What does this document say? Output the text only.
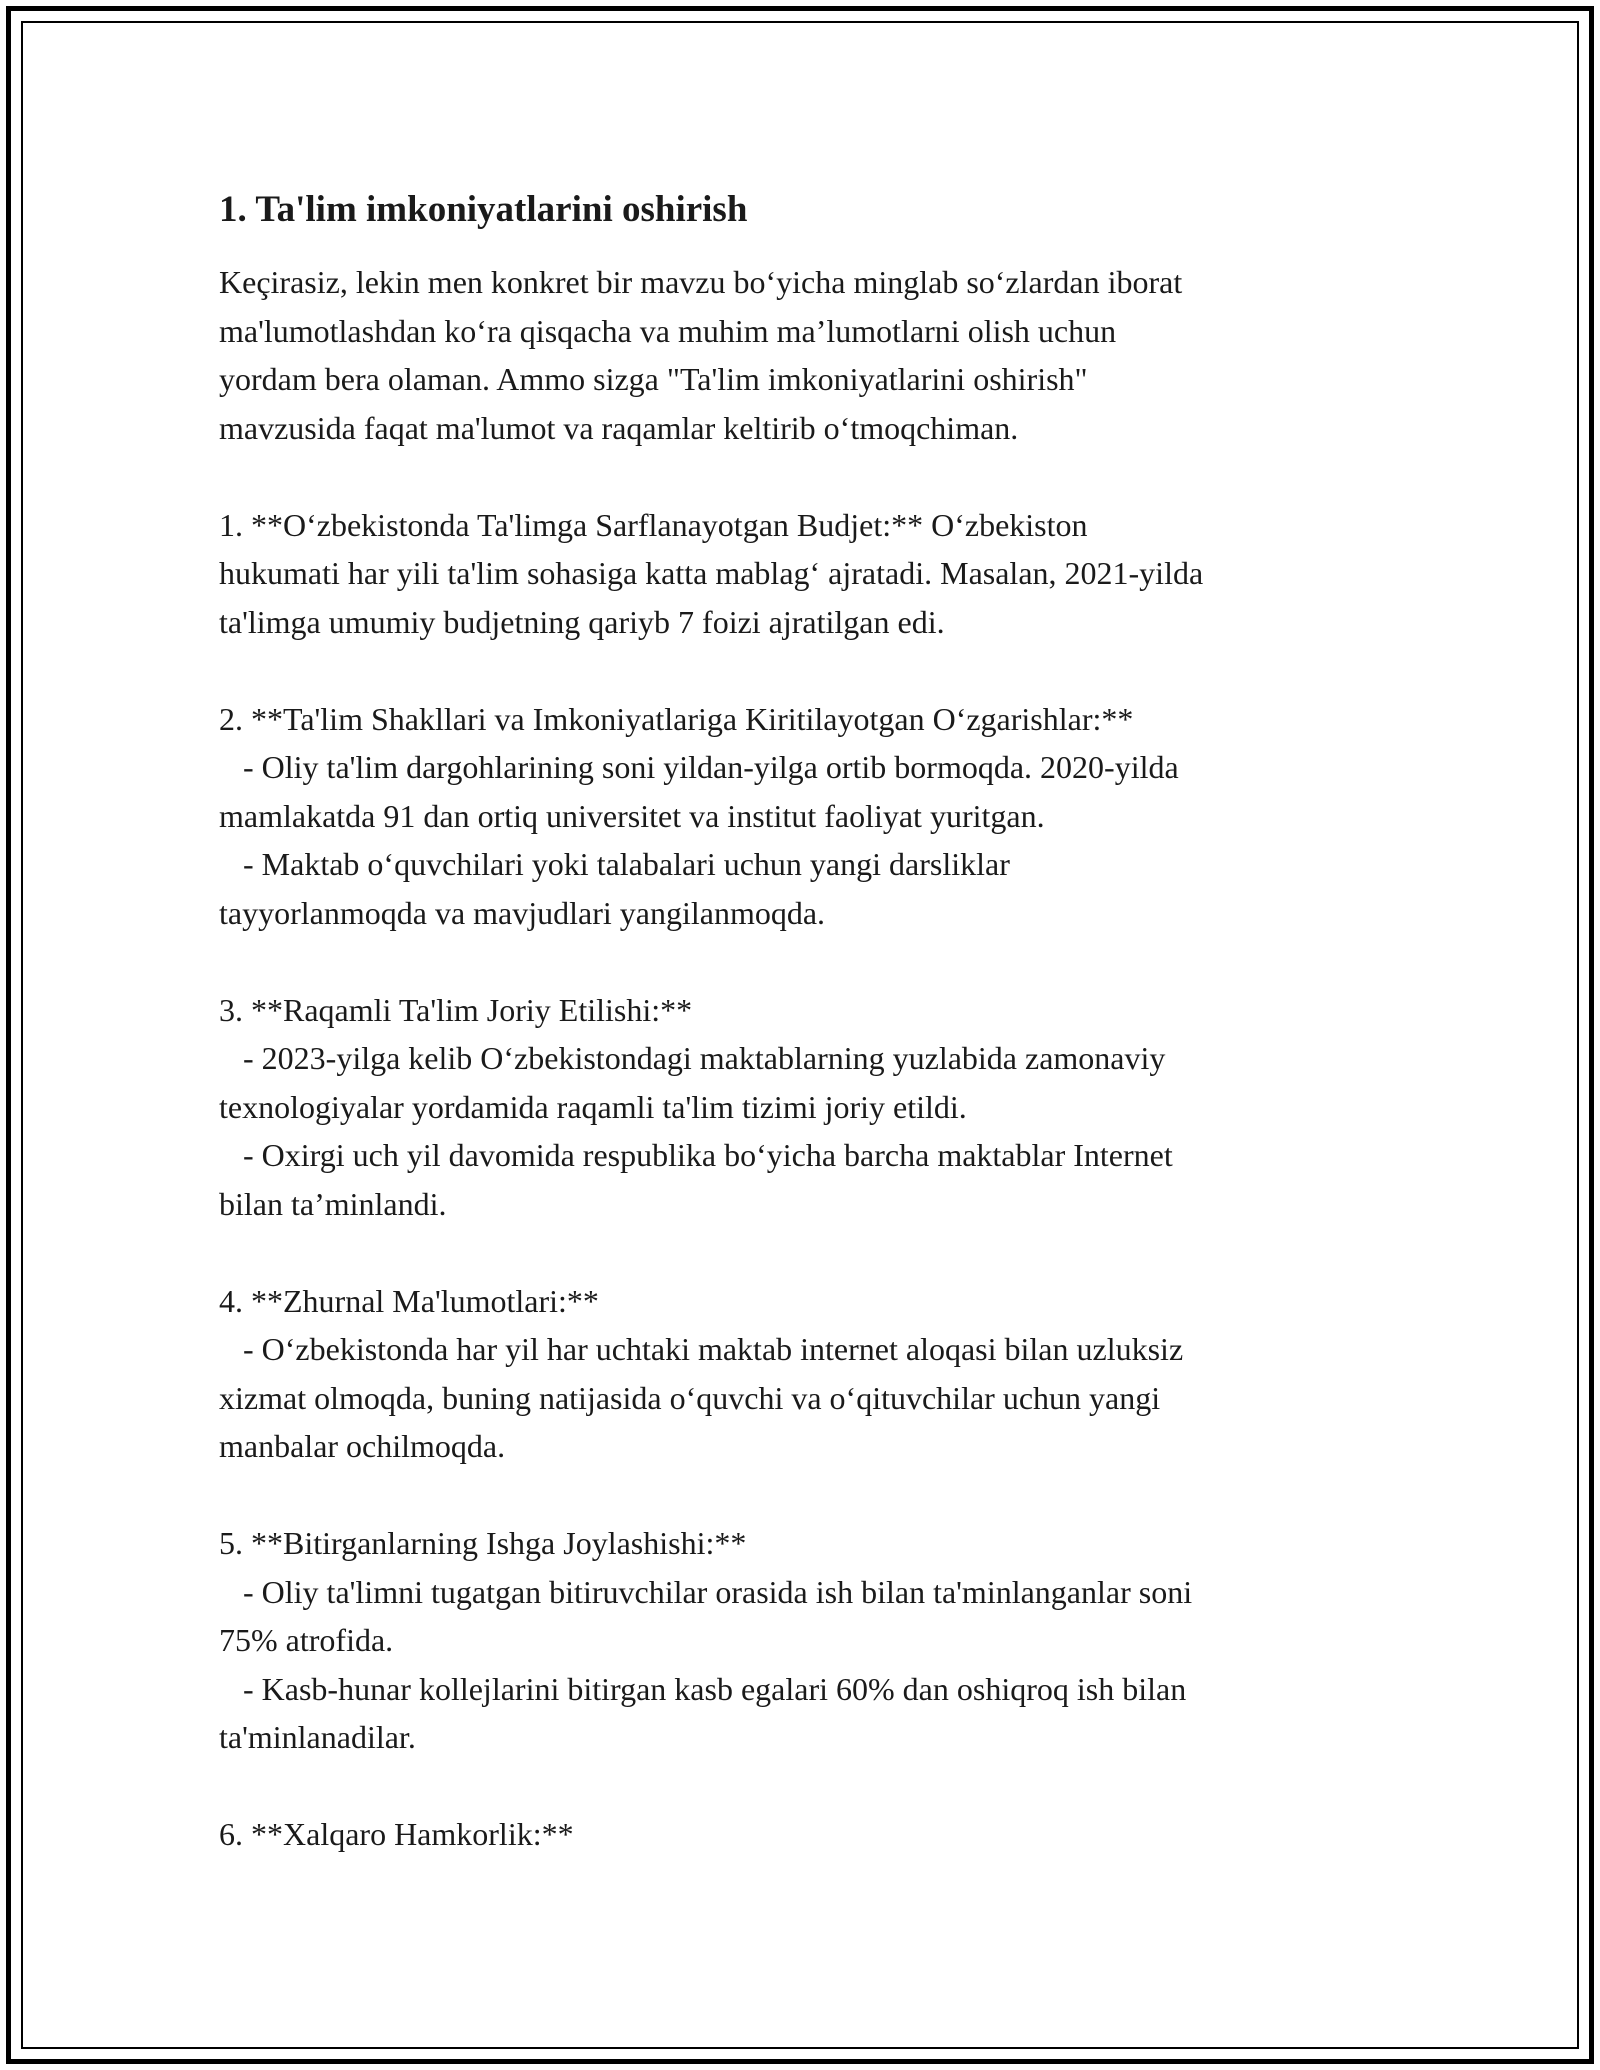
1. Ta'lim imkoniyatlarini oshirish
Keçirasiz, lekin men konkret bir mavzu bo‘yicha minglab so‘zlardan iborat
ma'lumotlashdan ko‘ra qisqacha va muhim ma’lumotlarni olish uchun
yordam bera olaman. Ammo sizga "Ta'lim imkoniyatlarini oshirish"
mavzusida faqat ma'lumot va raqamlar keltirib o‘tmoqchiman.
1. **O‘zbekistonda Ta'limga Sarflanayotgan Budjet:** O‘zbekiston
hukumati har yili ta'lim sohasiga katta mablag‘ ajratadi. Masalan, 2021-yilda
ta'limga umumiy budjetning qariyb 7 foizi ajratilgan edi.
2. **Ta'lim Shakllari va Imkoniyatlariga Kiritilayotgan O‘zgarishlar:**
- Oliy ta'lim dargohlarining soni yildan-yilga ortib bormoqda. 2020-yilda
mamlakatda 91 dan ortiq universitet va institut faoliyat yuritgan.
- Maktab o‘quvchilari yoki talabalari uchun yangi darsliklar
tayyorlanmoqda va mavjudlari yangilanmoqda.
3. **Raqamli Ta'lim Joriy Etilishi:**
- 2023-yilga kelib O‘zbekistondagi maktablarning yuzlabida zamonaviy
texnologiyalar yordamida raqamli ta'lim tizimi joriy etildi.
- Oxirgi uch yil davomida respublika bo‘yicha barcha maktablar Internet
bilan ta’minlandi.
4. **Zhurnal Ma'lumotlari:**
- O‘zbekistonda har yil har uchtaki maktab internet aloqasi bilan uzluksiz
xizmat olmoqda, buning natijasida o‘quvchi va o‘qituvchilar uchun yangi
manbalar ochilmoqda.
5. **Bitirganlarning Ishga Joylashishi:**
- Oliy ta'limni tugatgan bitiruvchilar orasida ish bilan ta'minlanganlar soni
75% atrofida.
- Kasb-hunar kollejlarini bitirgan kasb egalari 60% dan oshiqroq ish bilan
ta'minlanadilar.
6. **Xalqaro Hamkorlik:**
